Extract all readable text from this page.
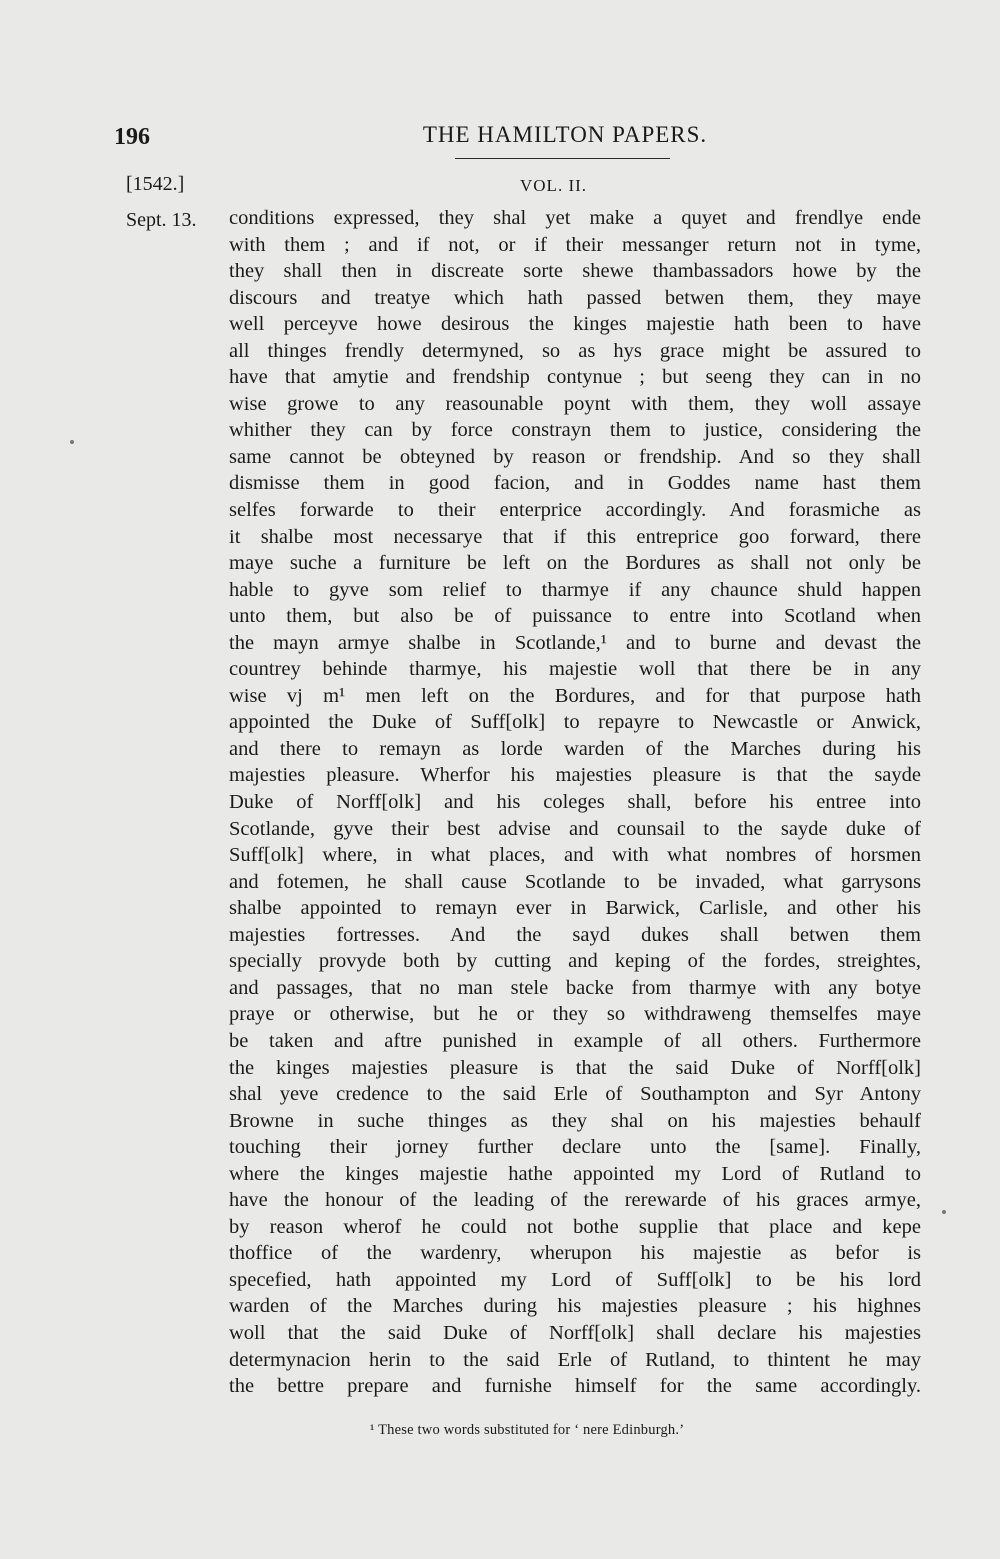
196	THE HAMILTON PAPERS.
[1542.]	VOL. II.
Sept. 13. conditions expressed, they shal yet make a quyet and frendlye ende
with them ; and if not, or if their messanger return not in tyme,
they shall then in discreate sorte shewe thambassadors howe by the
discours and treatye which hath passed betwen them, they maye
well perceyve howe desirous the kinges majestie hath been to have
all thinges frendly determyned, so as hys grace might be assured to
have that amytie and frendship contynue ; but seeng they can in no
wise growe to any reasounable poynt with them, they woll assaye
whither they can by force constrayn them to justice, considering the
same cannot be obteyned by reason or frendship. And so they shall
dismisse them in good facion, and in Goddes name hast them
selfes forwarde to their enterprice accordingly. And forasmiche as
it shalbe most necessarye that if this entreprice goo forward, there
maye suche a furniture be left on the Bordures as shall not only be
hable to gyve som relief to tharmye if any chaunce shuld happen
unto them, but also be of puissance to entre into Scotland when
the mayn armye shalbe in Scotlande,¹ and to burne and devast the
countrey behinde tharmye, his majestie woll that there be in any
wise vj m¹ men left on the Bordures, and for that purpose hath
appointed the Duke of Suff[olk] to repayre to Newcastle or Anwick,
and there to remayn as lorde warden of the Marches during his
majesties pleasure. Wherfor his majesties pleasure is that the sayde
Duke of Norff[olk] and his coleges shall, before his entree into
Scotlande, gyve their best advise and counsail to the sayde duke of
Suff[olk] where, in what places, and with what nombres of horsmen
and fotemen, he shall cause Scotlande to be invaded, what garrysons
shalbe appointed to remayn ever in Barwick, Carlisle, and other his
majesties fortresses. And the sayd dukes shall betwen them
specially provyde both by cutting and keping of the fordes, streightes,
and passages, that no man stele backe from tharmye with any botye
praye or otherwise, but he or they so withdraweng themselfes maye
be taken and aftre punished in example of all others. Furthermore
the kinges majesties pleasure is that the said Duke of Norff[olk]
shal yeve credence to the said Erle of Southampton and Syr Antony
Browne in suche thinges as they shal on his majesties behaulf
touching their jorney further declare unto the [same]. Finally,
where the kinges majestie hathe appointed my Lord of Rutland to
have the honour of the leading of the rerewarde of his graces armye,
by reason wherof he could not bothe supplie that place and kepe
thoffice of the wardenry, wherupon his majestie as befor is
specefied, hath appointed my Lord of Suff[olk] to be his lord
warden of the Marches during his majesties pleasure ; his highnes
woll that the said Duke of Norff[olk] shall declare his majesties
determynacion herin to the said Erle of Rutland, to thintent he may
the bettre prepare and furnishe himself for the same accordingly.
¹ These two words substituted for ‘ nere Edinburgh.’
